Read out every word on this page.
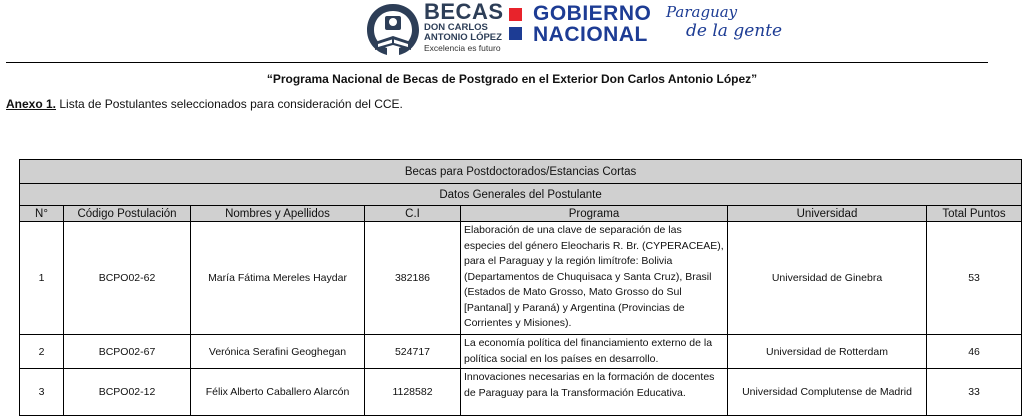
BECAS
DON CARLOS
ANTONIO LÓPEZ
Excelencia es futuro
GOBIERNO
NACIONAL
Paraguay
de la gente
“Programa Nacional de Becas de Postgrado en el Exterior Don Carlos Antonio López”
Anexo 1. Lista de Postulantes seleccionados para consideración del CCE.
Becas para Postdoctorados/Estancias Cortas						
Datos Generales del Postulante						
N°	Código Postulación	Nombres y Apellidos	C.I	Programa	Universidad	Total Puntos
1	BCPO02-62	María Fátima Mereles Haydar	382186	Elaboración de una clave de separación de las especies del género Eleocharis R. Br. (CYPERACEAE), para el Paraguay y la región limítrofe: Bolivia (Departamentos de Chuquisaca y Santa Cruz), Brasil (Estados de Mato Grosso, Mato Grosso do Sul [Pantanal] y Paraná) y Argentina (Provincias de Corrientes y Misiones).	Universidad de Ginebra	53
2	BCPO02-67	Verónica Serafini Geoghegan	524717	La economía política del financiamiento externo de la política social en los países en desarrollo.	Universidad de Rotterdam	46
3	BCPO02-12	Félix Alberto Caballero Alarcón	1128582	Innovaciones necesarias en la formación de docentes de Paraguay para la Transformación Educativa.	Universidad Complutense de Madrid	33
